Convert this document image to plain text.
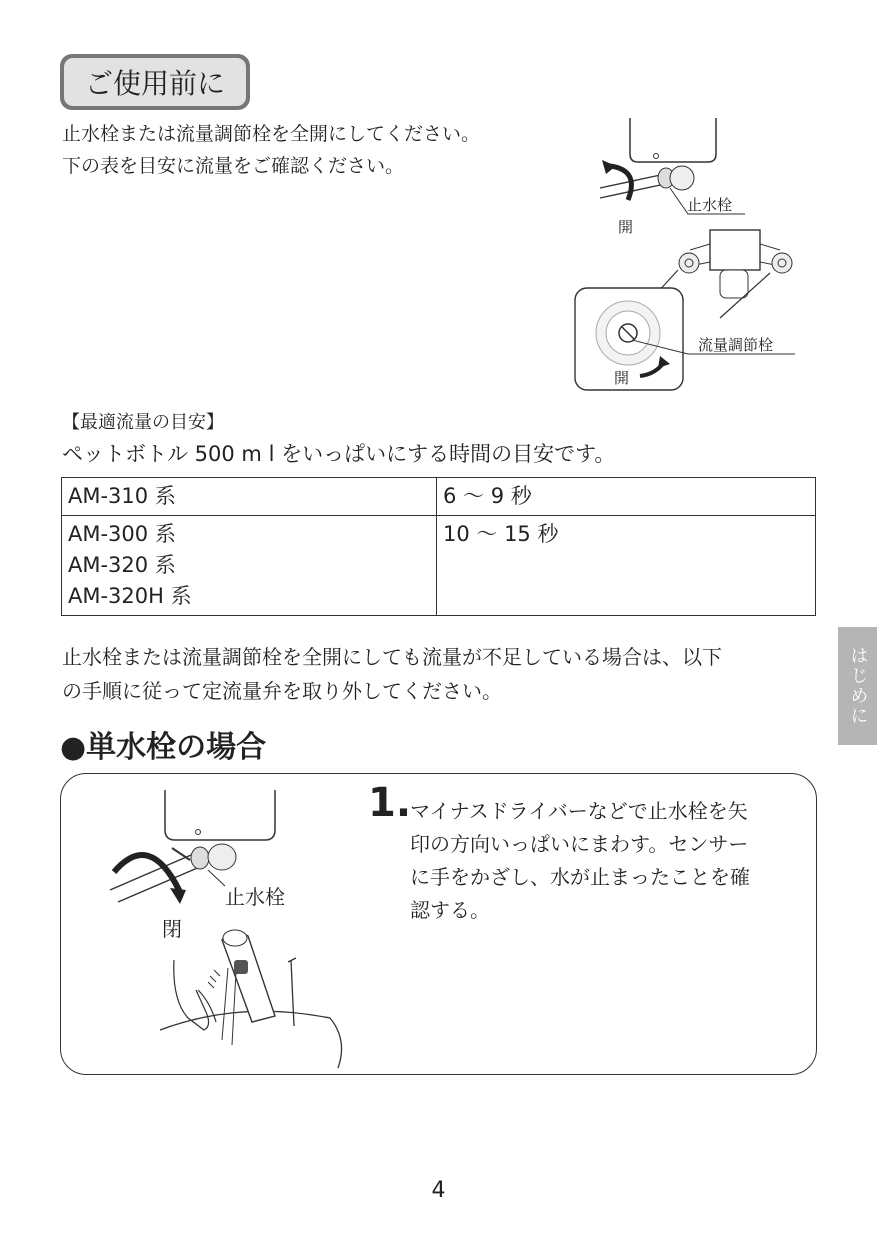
ご使用前に
止水栓または流量調節栓を全開にしてください。
下の表を目安に流量をご確認ください。
開
止水栓
流量調節栓
開
【最適流量の目安】
ペットボトル 500 m l をいっぱいにする時間の目安です。
AM-310 系	6 ～ 9 秒

AM-300 系
AM-320 系
AM-320H 系	10 ～ 15 秒
止水栓または流量調節栓を全開にしても流量が不足している場合は、以下
の手順に従って定流量弁を取り外してください。	はじめに
●単水栓の場合
止水栓
閉
1.
マイナスドライバーなどで止水栓を矢
印の方向いっぱいにまわす。センサー
に手をかざし、水が止まったことを確
認する。
4
